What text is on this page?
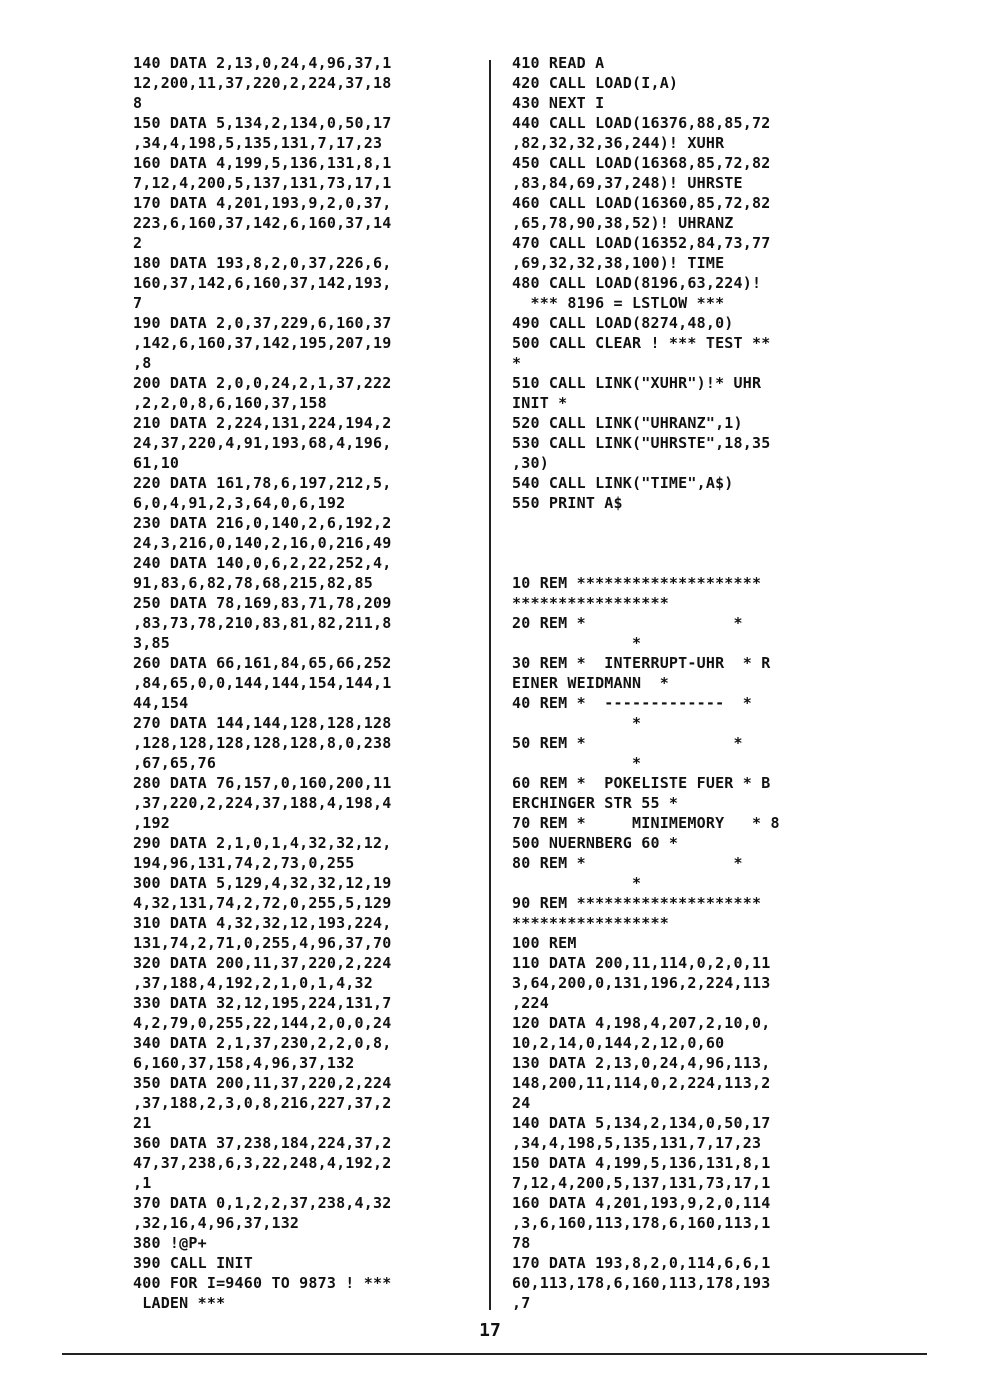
140 DATA 2,13,0,24,4,96,37,1
12,200,11,37,220,2,224,37,18
8
150 DATA 5,134,2,134,0,50,17
,34,4,198,5,135,131,7,17,23
160 DATA 4,199,5,136,131,8,1
7,12,4,200,5,137,131,73,17,1
170 DATA 4,201,193,9,2,0,37,
223,6,160,37,142,6,160,37,14
2
180 DATA 193,8,2,0,37,226,6,
160,37,142,6,160,37,142,193,
7
190 DATA 2,0,37,229,6,160,37
,142,6,160,37,142,195,207,19
,8
200 DATA 2,0,0,24,2,1,37,222
,2,2,0,8,6,160,37,158
210 DATA 2,224,131,224,194,2
24,37,220,4,91,193,68,4,196,
61,10
220 DATA 161,78,6,197,212,5,
6,0,4,91,2,3,64,0,6,192
230 DATA 216,0,140,2,6,192,2
24,3,216,0,140,2,16,0,216,49
240 DATA 140,0,6,2,22,252,4,
91,83,6,82,78,68,215,82,85
250 DATA 78,169,83,71,78,209
,83,73,78,210,83,81,82,211,8
3,85
260 DATA 66,161,84,65,66,252
,84,65,0,0,144,144,154,144,1
44,154
270 DATA 144,144,128,128,128
,128,128,128,128,128,8,0,238
,67,65,76
280 DATA 76,157,0,160,200,11
,37,220,2,224,37,188,4,198,4
,192
290 DATA 2,1,0,1,4,32,32,12,
194,96,131,74,2,73,0,255
300 DATA 5,129,4,32,32,12,19
4,32,131,74,2,72,0,255,5,129
310 DATA 4,32,32,12,193,224,
131,74,2,71,0,255,4,96,37,70
320 DATA 200,11,37,220,2,224
,37,188,4,192,2,1,0,1,4,32
330 DATA 32,12,195,224,131,7
4,2,79,0,255,22,144,2,0,0,24
340 DATA 2,1,37,230,2,2,0,8,
6,160,37,158,4,96,37,132
350 DATA 200,11,37,220,2,224
,37,188,2,3,0,8,216,227,37,2
21
360 DATA 37,238,184,224,37,2
47,37,238,6,3,22,248,4,192,2
,1
370 DATA 0,1,2,2,37,238,4,32
,32,16,4,96,37,132
380 !@P+
390 CALL INIT
400 FOR I=9460 TO 9873 ! ***
LADEN ***
410 READ A
420 CALL LOAD(I,A)
430 NEXT I
440 CALL LOAD(16376,88,85,72
,82,32,32,36,244)! XUHR
450 CALL LOAD(16368,85,72,82
,83,84,69,37,248)! UHRSTE
460 CALL LOAD(16360,85,72,82
,65,78,90,38,52)! UHRANZ
470 CALL LOAD(16352,84,73,77
,69,32,32,38,100)! TIME
480 CALL LOAD(8196,63,224)!
*** 8196 = LSTLOW ***
490 CALL LOAD(8274,48,0)
500 CALL CLEAR ! *** TEST **
*
510 CALL LINK("XUHR")!* UHR
INIT *
520 CALL LINK("UHRANZ",1)
530 CALL LINK("UHRSTE",18,35
,30)
540 CALL LINK("TIME",A$)
550 PRINT A$

10 REM ********************
*****************
20 REM *                *
*
30 REM *  INTERRUPT-UHR  * R
EINER WEIDMANN  *
40 REM *  -------------  *
*
50 REM *                *
*
60 REM *  POKELISTE FUER * B
ERCHINGER STR 55 *
70 REM *     MINIMEMORY   * 8
500 NUERNBERG 60 *
80 REM *                *
*
90 REM ********************
*****************
100 REM
110 DATA 200,11,114,0,2,0,11
3,64,200,0,131,196,2,224,113
,224
120 DATA 4,198,4,207,2,10,0,
10,2,14,0,144,2,12,0,60
130 DATA 2,13,0,24,4,96,113,
148,200,11,114,0,2,224,113,2
24
140 DATA 5,134,2,134,0,50,17
,34,4,198,5,135,131,7,17,23
150 DATA 4,199,5,136,131,8,1
7,12,4,200,5,137,131,73,17,1
160 DATA 4,201,193,9,2,0,114
,3,6,160,113,178,6,160,113,1
78
170 DATA 193,8,2,0,114,6,6,1
60,113,178,6,160,113,178,193
,7
17
